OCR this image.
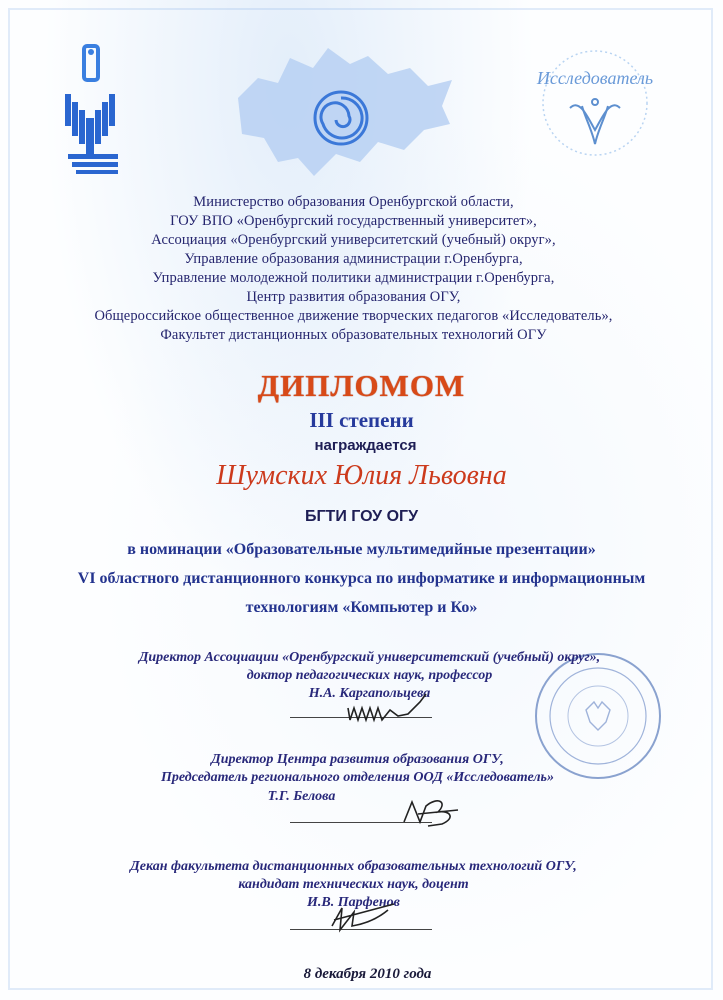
Исследователь
Министерство образования Оренбургской области,
ГОУ ВПО «Оренбургский государственный университет»,
Ассоциация «Оренбургский университетский (учебный) округ»,
Управление образования администрации г.Оренбурга,
Управление молодежной политики администрации г.Оренбурга,
Центр развития образования ОГУ,
Общероссийское общественное движение творческих педагогов «Исследователь»,
Факультет дистанционных образовательных технологий ОГУ
ДИПЛОМОМ
III степени
награждается
Шумских Юлия Львовна
БГТИ ГОУ ОГУ
в номинации «Образовательные мультимедийные презентации»
VI областного дистанционного конкурса по информатике и информационным
технологиям «Компьютер и Ко»
Директор Ассоциации «Оренбургский университетский (учебный) округ»,
доктор педагогических наук, профессор
Н.А. Каргапольцева
Директор Центра развития образования ОГУ,
Председатель регионального отделения ООД «Исследователь»
Т.Г. Белова
Декан факультета дистанционных образовательных технологий ОГУ,
кандидат технических наук, доцент
И.В. Парфенов
8 декабря 2010 года
